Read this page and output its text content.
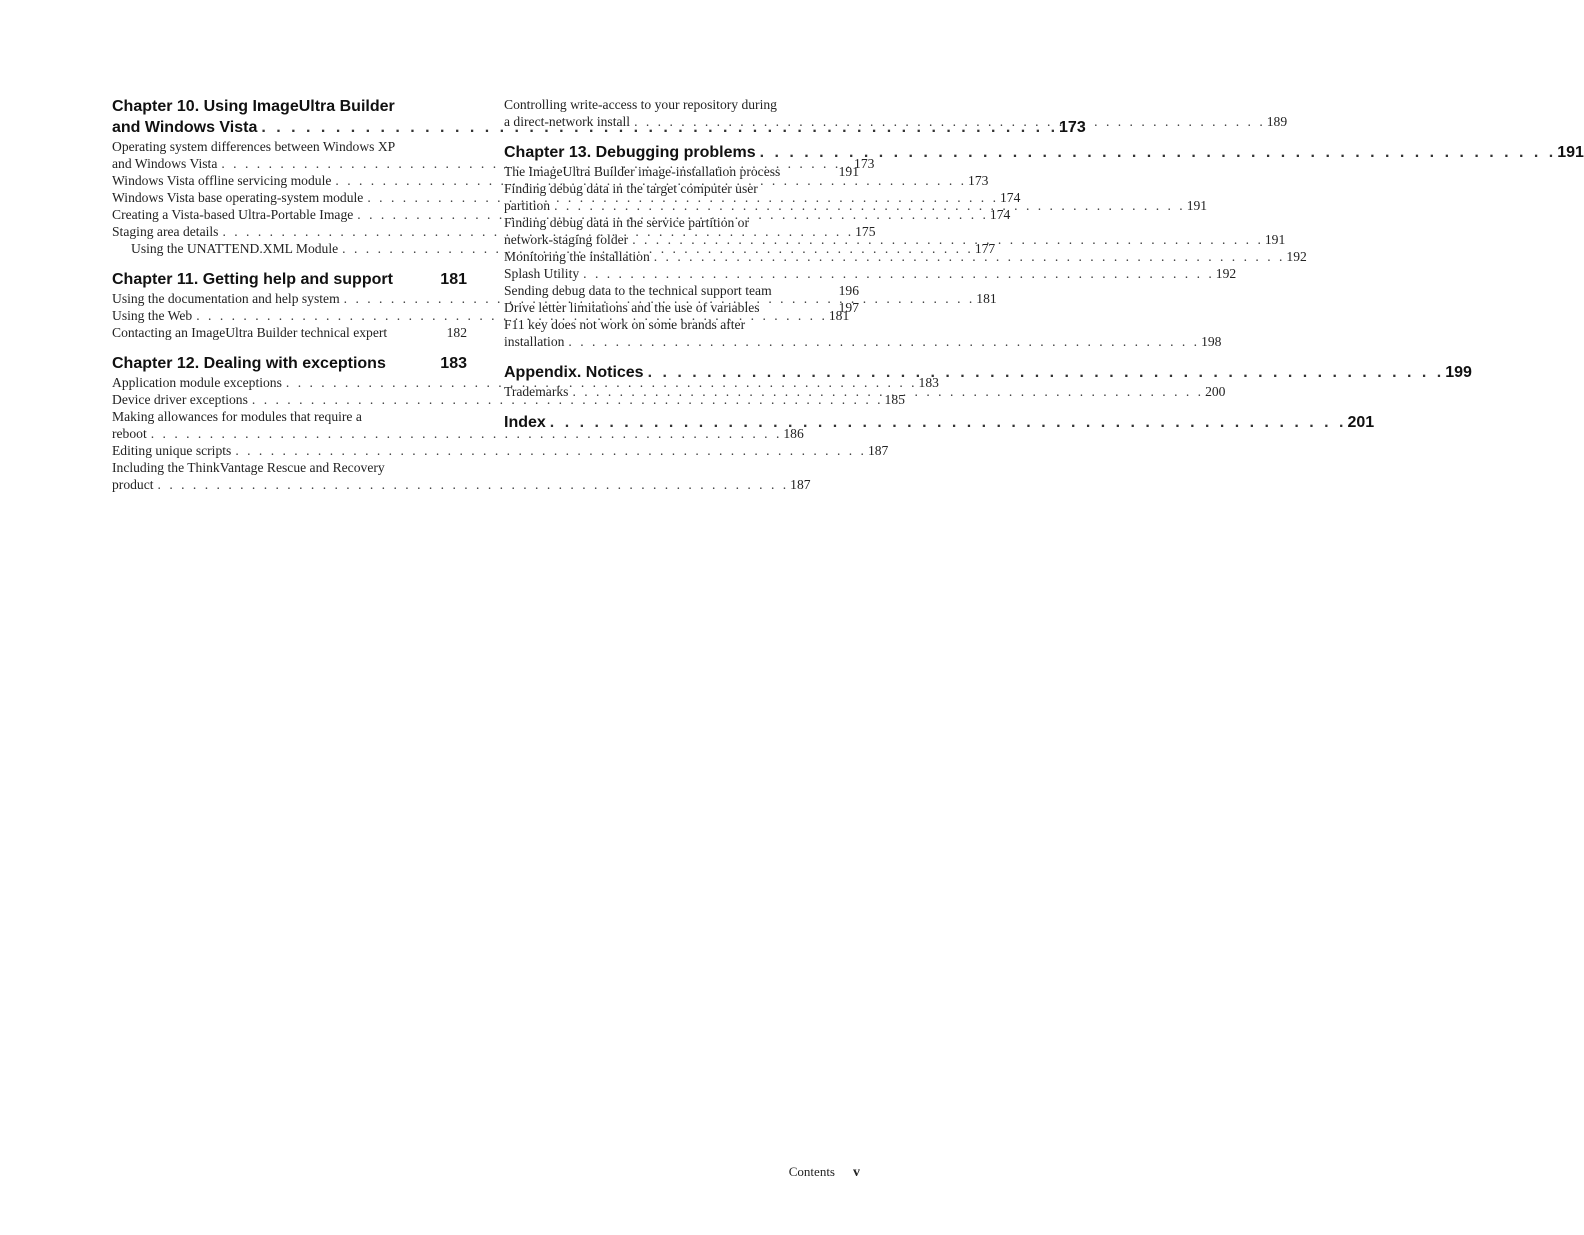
Chapter 10. Using ImageUltra Builder
and Windows Vista . . .	173
Operating system differences between Windows XP
and Windows Vista . . .	173
Windows Vista offline servicing module . . .	173
Windows Vista base operating-system module . . .	174
Creating a Vista-based Ultra-Portable Image . . .	174
Staging area details . . .	175
Using the UNATTEND.XML Module . . .	177
Chapter 11. Getting help and support	181
Using the documentation and help system . . .	181
Using the Web . . .	181
Contacting an ImageUltra Builder technical expert	182
Chapter 12. Dealing with exceptions	183
Application module exceptions . . .	183
Device driver exceptions . . .	185
Making allowances for modules that require a
reboot . . .	186
Editing unique scripts . . .	187
Including the ThinkVantage Rescue and Recovery
product . . .	187
Controlling write-access to your repository during
a direct-network install . . .	189
Chapter 13. Debugging problems . . .	191
The ImageUltra Builder image-installation process	191
Finding debug data in the target computer user
partition . . .	191
Finding debug data in the service partition or
network-staging folder . . .	191
Monitoring the installation . . .	192
Splash Utility . . .	192
Sending debug data to the technical support team	196
Drive letter limitations and the use of variables	197
F11 key does not work on some brands after
installation . . .	198
Appendix. Notices . . .	199
Trademarks . . .	200
Index . . .	201
Contents v
